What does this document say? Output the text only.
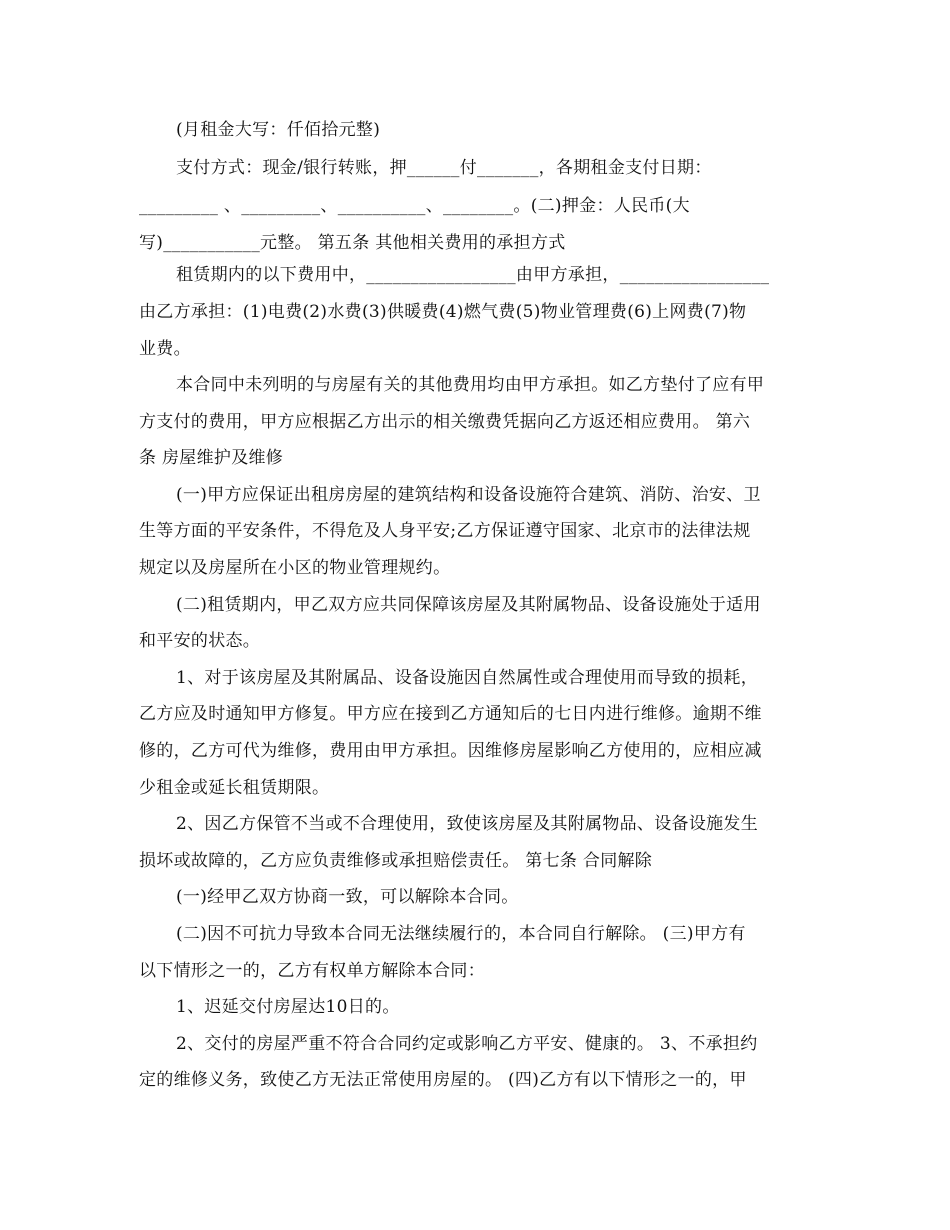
(月租金大写：仟佰拾元整)
支付方式：现金/银行转账，押______付_______，各期租金支付日期：
_________ 、_________、__________、________。(二)押金：人民币(大
写)___________元整。 第五条 其他相关费用的承担方式
租赁期内的以下费用中，_________________由甲方承担，_________________
由乙方承担：(1)电费(2)水费(3)供暖费(4)燃气费(5)物业管理费(6)上网费(7)物
业费。
本合同中未列明的与房屋有关的其他费用均由甲方承担。如乙方垫付了应有甲
方支付的费用，甲方应根据乙方出示的相关缴费凭据向乙方返还相应费用。 第六
条 房屋维护及维修
(一)甲方应保证出租房房屋的建筑结构和设备设施符合建筑、消防、治安、卫
生等方面的平安条件，不得危及人身平安;乙方保证遵守国家、北京市的法律法规
规定以及房屋所在小区的物业管理规约。
(二)租赁期内，甲乙双方应共同保障该房屋及其附属物品、设备设施处于适用
和平安的状态。
1、对于该房屋及其附属品、设备设施因自然属性或合理使用而导致的损耗，
乙方应及时通知甲方修复。甲方应在接到乙方通知后的七日内进行维修。逾期不维
修的，乙方可代为维修，费用由甲方承担。因维修房屋影响乙方使用的，应相应减
少租金或延长租赁期限。
2、因乙方保管不当或不合理使用，致使该房屋及其附属物品、设备设施发生
损坏或故障的，乙方应负责维修或承担赔偿责任。 第七条 合同解除
(一)经甲乙双方协商一致，可以解除本合同。
(二)因不可抗力导致本合同无法继续履行的，本合同自行解除。 (三)甲方有
以下情形之一的，乙方有权单方解除本合同：
1、迟延交付房屋达10日的。
2、交付的房屋严重不符合合同约定或影响乙方平安、健康的。 3、不承担约
定的维修义务，致使乙方无法正常使用房屋的。 (四)乙方有以下情形之一的，甲
